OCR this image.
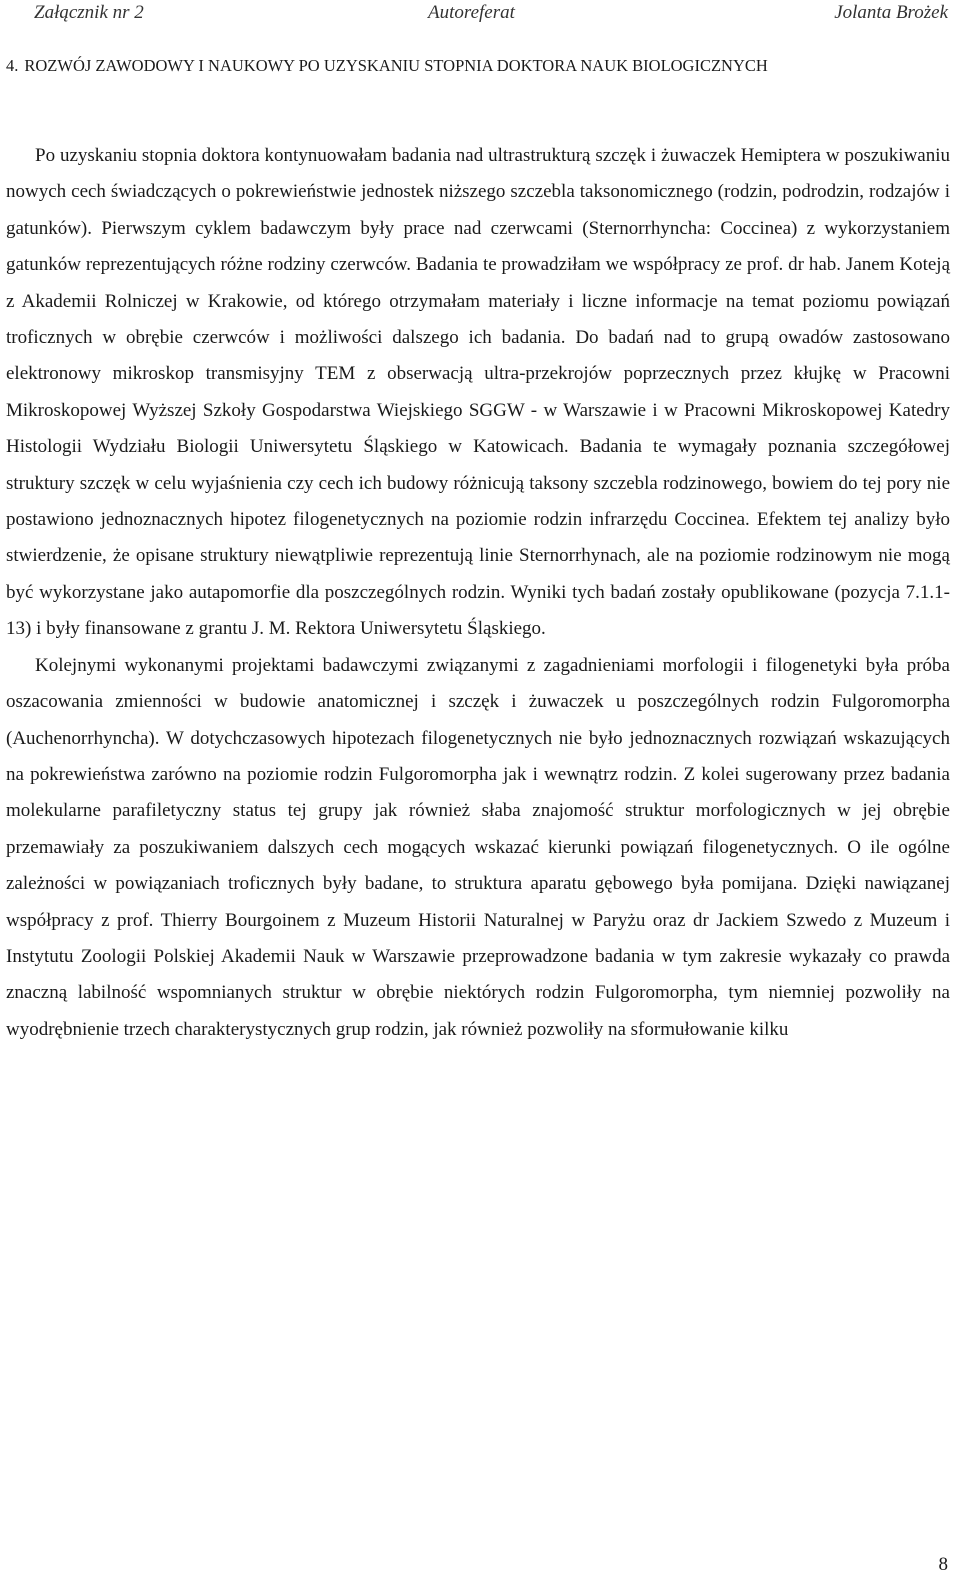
Załącznik nr 2	Autoreferat	Jolanta Brożek
4. ROZWÓJ ZAWODOWY I NAUKOWY PO UZYSKANIU STOPNIA DOKTORA NAUK BIOLOGICZNYCH

Po uzyskaniu stopnia doktora kontynuowałam badania nad ultrastrukturą szczęk i żuwaczek Hemiptera w poszukiwaniu nowych cech świadczących o pokrewieństwie jednostek niższego szczebla taksonomicznego (rodzin, podrodzin, rodzajów i gatunków). Pierwszym cyklem badawczym były prace nad czerwcami (Sternorrhyncha: Coccinea) z wykorzystaniem gatunków reprezentujących różne rodziny czerwców. Badania te prowadziłam we współpracy ze prof. dr hab. Janem Koteją z Akademii Rolniczej w Krakowie, od którego otrzymałam materiały i liczne informacje na temat poziomu powiązań troficznych w obrębie czerwców i możliwości dalszego ich badania. Do badań nad to grupą owadów zastosowano elektronowy mikroskop transmisyjny TEM z obserwacją ultra-przekrojów poprzecznych przez kłujkę w Pracowni Mikroskopowej Wyższej Szkoły Gospodarstwa Wiejskiego SGGW - w Warszawie i w Pracowni Mikroskopowej Katedry Histologii Wydziału Biologii Uniwersytetu Śląskiego w Katowicach. Badania te wymagały poznania szczegółowej struktury szczęk w celu wyjaśnienia czy cech ich budowy różnicują taksony szczebla rodzinowego, bowiem do tej pory nie postawiono jednoznacznych hipotez filogenetycznych na poziomie rodzin infrarzędu Coccinea. Efektem tej analizy było stwierdzenie, że opisane struktury niewątpliwie reprezentują linie Sternorrhynach, ale na poziomie rodzinowym nie mogą być wykorzystane jako autapomorfie dla poszczególnych rodzin. Wyniki tych badań zostały opublikowane (pozycja 7.1.1-13) i były finansowane z grantu J. M. Rektora Uniwersytetu Śląskiego.

Kolejnymi wykonanymi projektami badawczymi związanymi z zagadnieniami morfologii i filogenetyki była próba oszacowania zmienności w budowie anatomicznej i szczęk i żuwaczek u poszczególnych rodzin Fulgoromorpha (Auchenorrhyncha). W dotychczasowych hipotezach filogenetycznych nie było jednoznacznych rozwiązań wskazujących na pokrewieństwa zarówno na poziomie rodzin Fulgoromorpha jak i wewnątrz rodzin. Z kolei sugerowany przez badania molekularne parafiletyczny status tej grupy jak również słaba znajomość struktur morfologicznych w jej obrębie przemawiały za poszukiwaniem dalszych cech mogących wskazać kierunki powiązań filogenetycznych. O ile ogólne zależności w powiązaniach troficznych były badane, to struktura aparatu gębowego była pomijana. Dzięki nawiązanej współpracy z prof. Thierry Bourgoinem z Muzeum Historii Naturalnej w Paryżu oraz dr Jackiem Szwedo z Muzeum i Instytutu Zoologii Polskiej Akademii Nauk w Warszawie przeprowadzone badania w tym zakresie wykazały co prawda znaczną labilność wspomnianych struktur w obrębie niektórych rodzin Fulgoromorpha, tym niemniej pozwoliły na wyodrębnienie trzech charakterystycznych grup rodzin, jak również pozwoliły na sformułowanie kilku

8
